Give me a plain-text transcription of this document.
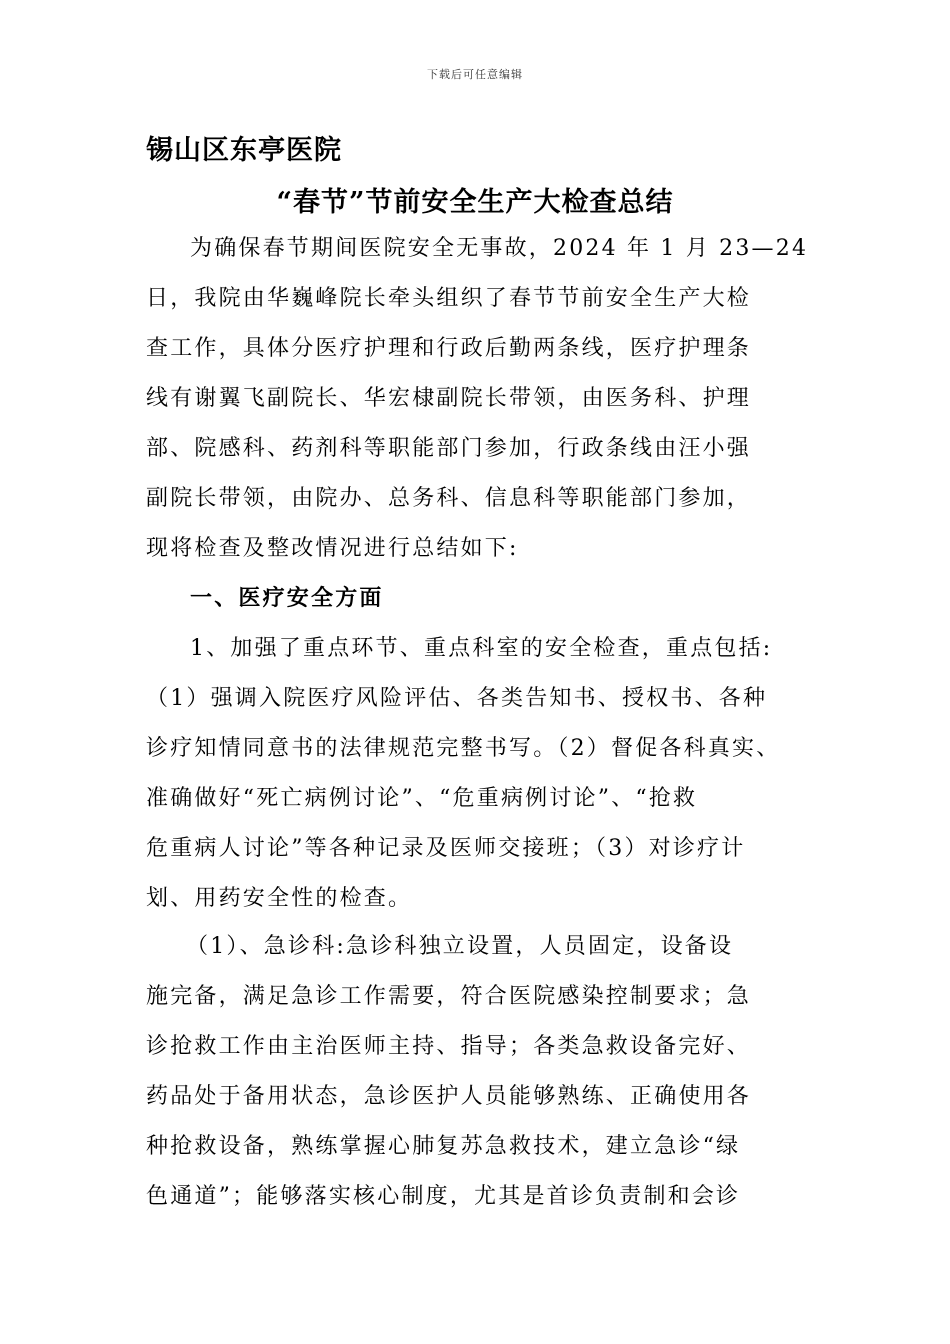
下载后可任意编辑
锡山区东亭医院
“春节”节前安全生产大检查总结
为确保春节期间医院安全无事故，2024 年 1 月 23—24
日，我院由华巍峰院长牵头组织了春节节前安全生产大检
查工作，具体分医疗护理和行政后勤两条线，医疗护理条
线有谢翼飞副院长、华宏棣副院长带领，由医务科、护理
部、院感科、药剂科等职能部门参加，行政条线由汪小强
副院长带领，由院办、总务科、信息科等职能部门参加，
现将检查及整改情况进行总结如下:
一、医疗安全方面
1、加强了重点环节、重点科室的安全检查，重点包括:
（1）强调入院医疗风险评估、各类告知书、授权书、各种
诊疗知情同意书的法律规范完整书写。（2）督促各科真实、
准确做好“死亡病例讨论”、“危重病例讨论”、“抢救
危重病人讨论”等各种记录及医师交接班；（3）对诊疗计
划、用药安全性的检查。
（1）、急诊科:急诊科独立设置，人员固定，设备设
施完备，满足急诊工作需要，符合医院感染控制要求；急
诊抢救工作由主治医师主持、指导；各类急救设备完好、
药品处于备用状态，急诊医护人员能够熟练、正确使用各
种抢救设备，熟练掌握心肺复苏急救技术，建立急诊“绿
色通道”；能够落实核心制度，尤其是首诊负责制和会诊
